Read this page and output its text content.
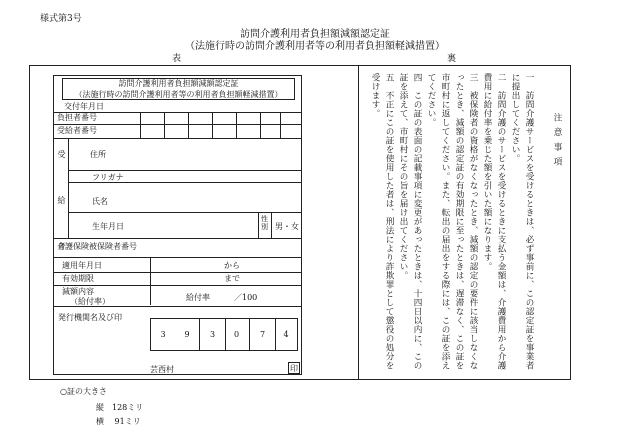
様式第3号
訪問介護利用者負担額減額認定証
（法施行時の訪問介護利用者等の利用者負担額軽減措置）
表	裏
訪問介護利用者負担額減額認定証
（法施行時の訪問介護利用者等の利用者負担額軽減措置）
交付年月日
負担者番号
受給者番号
受給者	住所
フリガナ
氏名
生年月日
性別 男・女
介護保険被保険者番号
適用年月日	から
有効期限	まで
減額内容
（給付率）	給付率　　　／100
発行機関名及び印
3	9	3	0	7	4
芸西村	印
○証の大きさ
縦　128ミリ
横　 91ミリ
注意事項
一　訪問介護サービスを受けるときは、必ず事前に、この認定証を事業者に提出してください。
二　訪問介護のサービスを受けるときに支払う金額は、介護費用から介護費用に給付率を乗じた額を引いた額になります。
三　被保険者の資格がなくなったとき、減額の認定の要件に該当しなくなったとき、減額の認定証の有効期限に至ったときは、遅滞なく、この証を市町村に返してください。また、転出の届出をする際には、この証を添えてください。
四　この証の表面の記載事項に変更があったときは、十四日以内に、この証を添えて、市町村にその旨を届け出てください。
五　不正にこの証を使用した者は、刑法により詐欺罪として懲役の処分を受けます。
